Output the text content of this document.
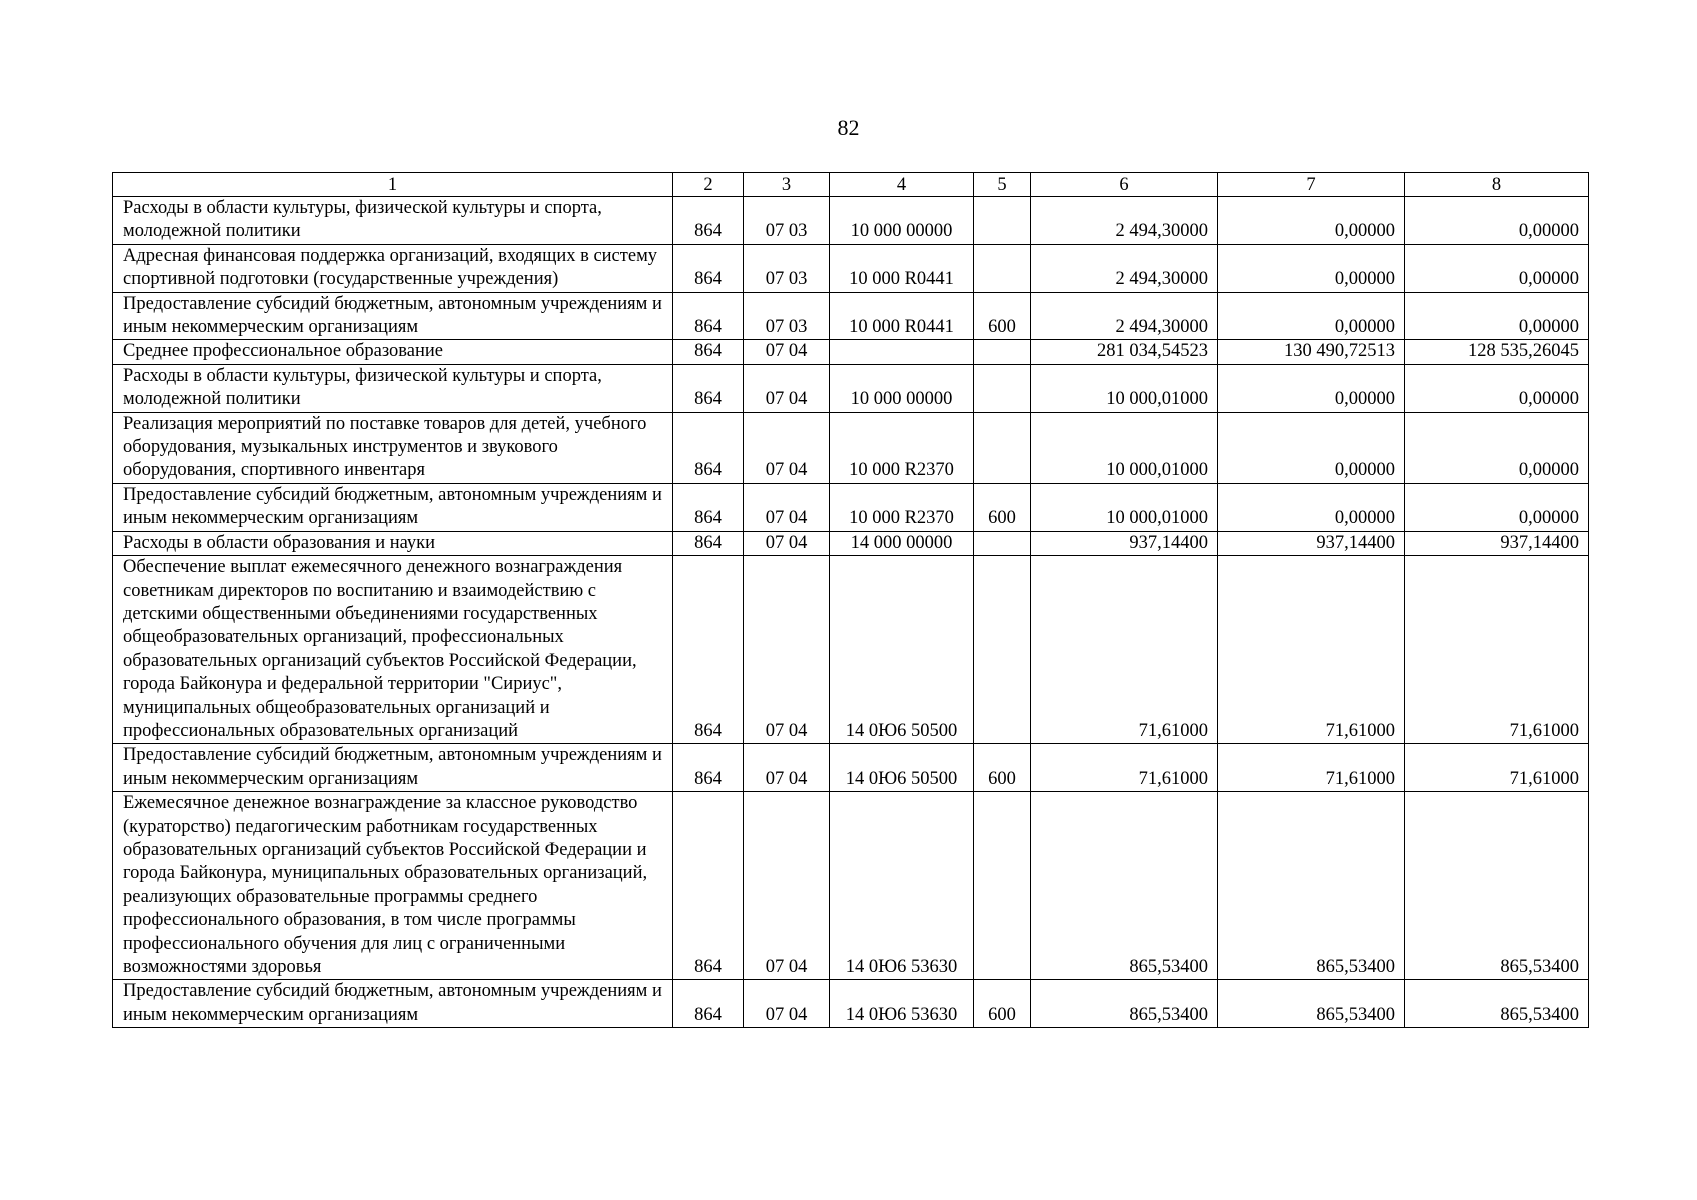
82
1	2	3	4	5	6	7	8
Расходы в области культуры, физической культуры и спорта, молодежной политики	864	07 03	10 000 00000		2 494,30000	0,00000	0,00000
Адресная финансовая поддержка организаций, входящих в систему спортивной подготовки (государственные учреждения)	864	07 03	10 000 R0441		2 494,30000	0,00000	0,00000
Предоставление субсидий бюджетным, автономным учреждениям и иным некоммерческим организациям	864	07 03	10 000 R0441	600	2 494,30000	0,00000	0,00000
Среднее профессиональное образование	864	07 04			281 034,54523	130 490,72513	128 535,26045
Расходы в области культуры, физической культуры и спорта, молодежной политики	864	07 04	10 000 00000		10 000,01000	0,00000	0,00000
Реализация мероприятий по поставке товаров для детей, учебного оборудования, музыкальных инструментов и звукового оборудования, спортивного инвентаря	864	07 04	10 000 R2370		10 000,01000	0,00000	0,00000
Предоставление субсидий бюджетным, автономным учреждениям и иным некоммерческим организациям	864	07 04	10 000 R2370	600	10 000,01000	0,00000	0,00000
Расходы в области образования и науки	864	07 04	14 000 00000		937,14400	937,14400	937,14400
Обеспечение выплат ежемесячного денежного вознаграждения советникам директоров по воспитанию и взаимодействию с детскими общественными объединениями государственных общеобразовательных организаций, профессиональных образовательных организаций субъектов Российской Федерации, города Байконура и федеральной территории "Сириус", муниципальных общеобразовательных организаций и профессиональных образовательных организаций	864	07 04	14 0Ю6 50500		71,61000	71,61000	71,61000
Предоставление субсидий бюджетным, автономным учреждениям и иным некоммерческим организациям	864	07 04	14 0Ю6 50500	600	71,61000	71,61000	71,61000
Ежемесячное денежное вознаграждение за классное руководство (кураторство) педагогическим работникам государственных образовательных организаций субъектов Российской Федерации и города Байконура, муниципальных образовательных организаций, реализующих образовательные программы среднего профессионального образования, в том числе программы профессионального обучения для лиц с ограниченными возможностями здоровья	864	07 04	14 0Ю6 53630		865,53400	865,53400	865,53400
Предоставление субсидий бюджетным, автономным учреждениям и иным некоммерческим организациям	864	07 04	14 0Ю6 53630	600	865,53400	865,53400	865,53400
